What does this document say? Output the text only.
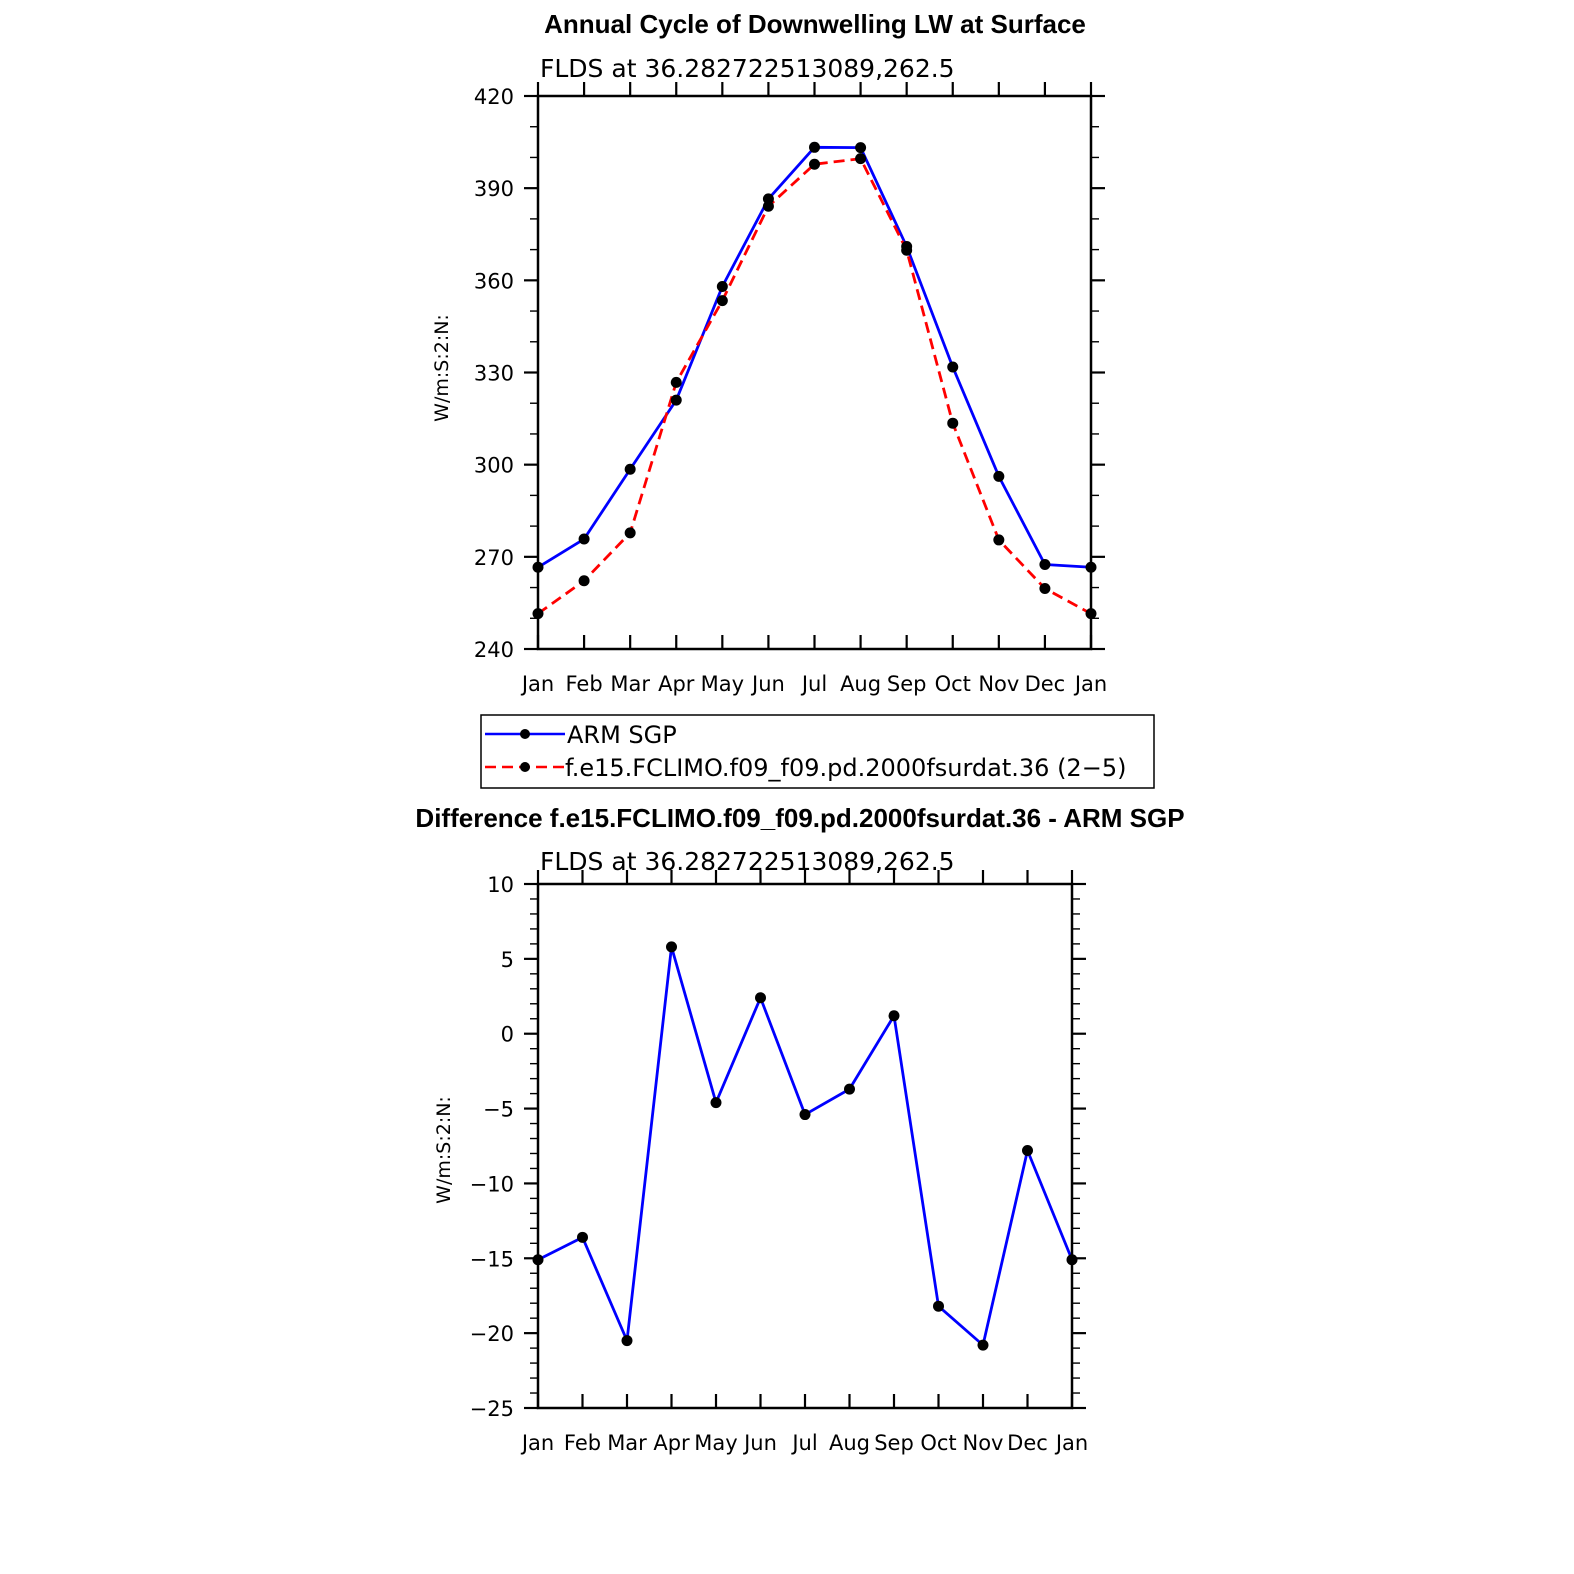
Annual Cycle of Downwelling LW at Surface
FLDS at 36.282722513089,262.5
W/m:S:2:N:
240
270
300
330
360
390
420
Jan Feb Mar Apr May Jun Jul Aug Sep Oct Nov Dec Jan
ARM SGP
f.e15.FCLIMO.f09_f09.pd.2000fsurdat.36 (2−5)
Difference f.e15.FCLIMO.f09_f09.pd.2000fsurdat.36 - ARM SGP
FLDS at 36.282722513089,262.5
W/m:S:2:N:
−25
−20
−15
−10
−5
0
5
10
Jan Feb Mar Apr May Jun Jul Aug Sep Oct Nov Dec Jan
